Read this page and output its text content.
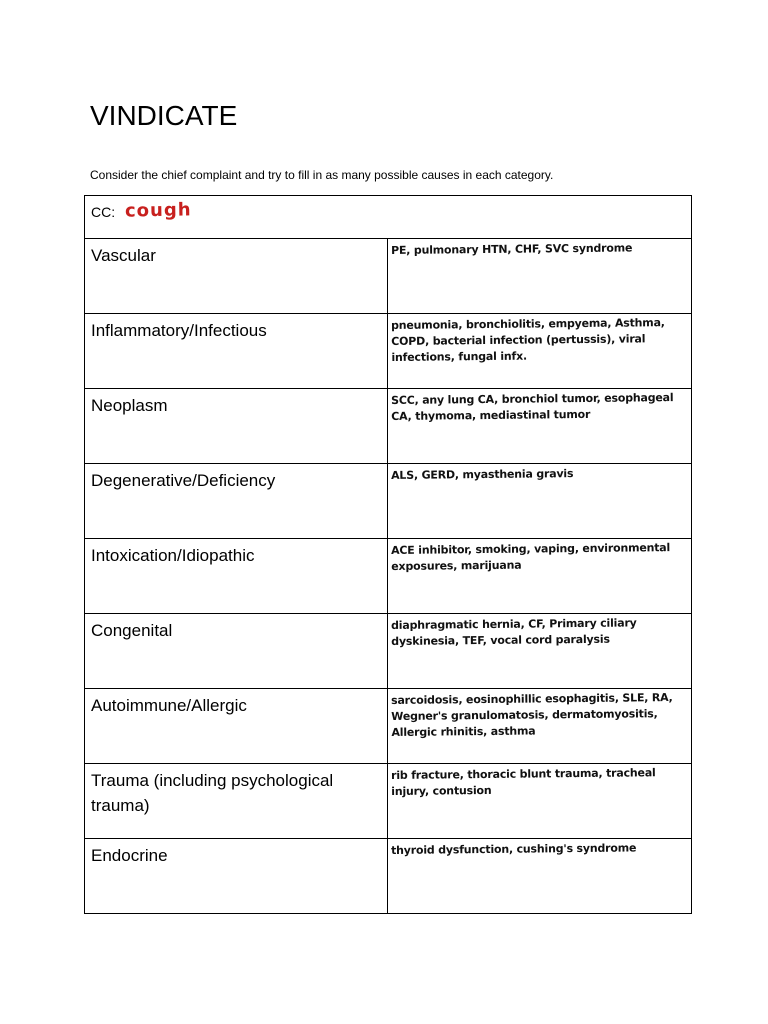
VINDICATE

Consider the chief complaint and try to fill in as many possible causes in each category.

CC: cough	
Vascular	PE, pulmonary HTN, CHF, SVC syndrome

Inflammatory/Infectious	pneumonia, bronchiolitis, empyema, Asthma, COPD, bacterial infection (pertussis), viral infections, fungal infx.

Neoplasm	SCC, any lung CA, bronchiol tumor, esophageal CA, thymoma, mediastinal tumor

Degenerative/Deficiency	ALS, GERD, myasthenia gravis

Intoxication/Idiopathic	ACE inhibitor, smoking, vaping, environmental exposures, marijuana

Congenital	diaphragmatic hernia, CF, Primary ciliary dyskinesia, TEF, vocal cord paralysis

Autoimmune/Allergic	sarcoidosis, eosinophillic esophagitis, SLE, RA, Wegner's granulomatosis, dermatomyositis, Allergic rhinitis, asthma

Trauma (including psychological trauma)	rib fracture, thoracic blunt trauma, tracheal injury, contusion

Endocrine	thyroid dysfunction, cushing's syndrome
